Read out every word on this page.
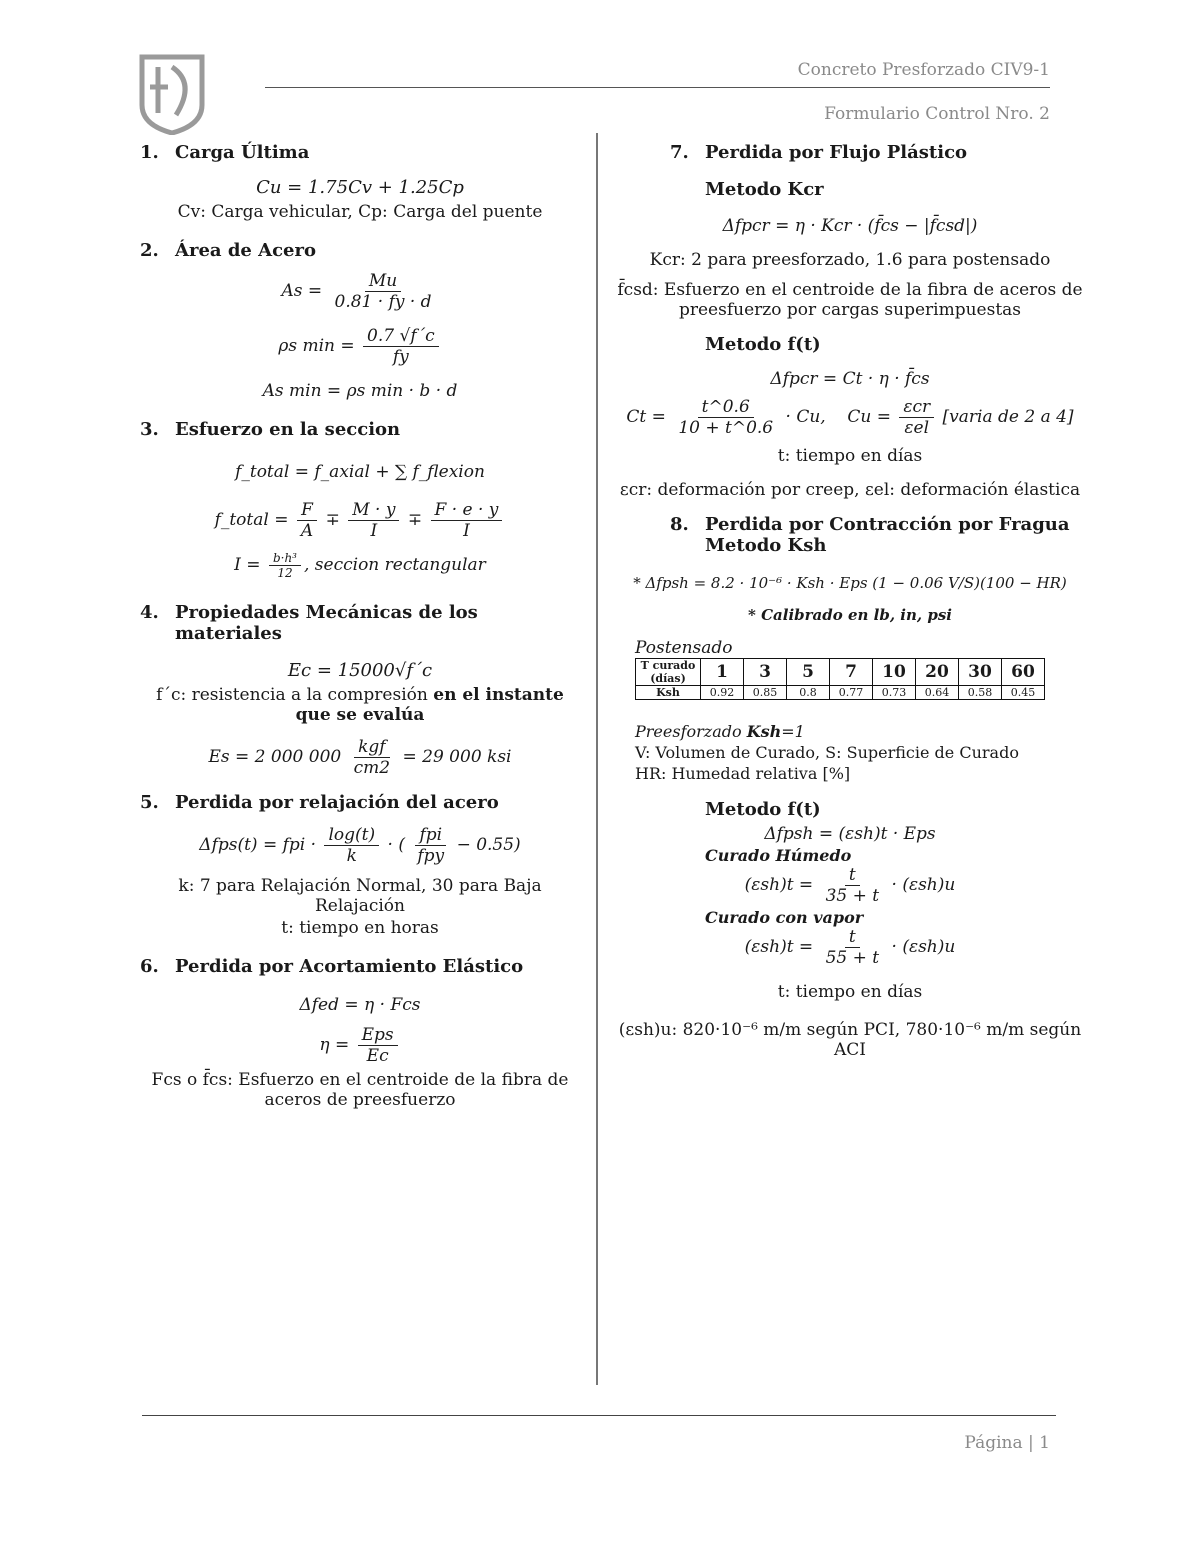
Concreto Presforzado CIV9-1
Formulario Control Nro. 2

1. Carga Última

Cu = 1.75Cv + 1.25Cp
Cv: Carga vehicular, Cp: Carga del puente

2. Área de Acero

$As = \frac{Mu}{0.81 \cdot fy \cdot d}$
ρs $\min = \frac{0.7 √f´c}{fy}$
As min = ρs min · b · d

3. Esfuerzo en la seccion

f_total = f_axial + ∑ f_flexion
f_total = $\frac{F}{A} \mp \frac{M \cdot y}{I} \mp \frac{F \cdot e \cdot y}{I}$
$I = \frac{\text{b·h³}}{12}$ , seccion rectangular

4. Propiedades Mecánicas de los materiales

Ec = 15000√f´c
f´c: resistencia a la compresión en el instante que se evalúa
Es = 2 000 $000 \frac{\text{kgf}}{cm2} = 29$ 000 ksi

5. Perdida por relajación del acero

Δfps(t) = fpi · $\frac{\log(t)}{k}$ · ( $\frac{\text{fpi}}{\text{fpy}} - 0.55$)
k: 7 para Relajación Normal, 30 para Baja Relajación
t: tiempo en horas

6. Perdida por Acortamiento Elástico

Δfed = η · Fcs
$\eta = \frac{\text{Eps}}{Ec}$
Fcs o f̄cs: Esfuerzo en el centroide de la fibra de aceros de preesfuerzo

7. Perdida por Flujo Plástico

Metodo Kcr
Δfpcr = η · Kcr · (f̄cs − |f̄csd|)
Kcr: 2 para preesforzado, 1.6 para postensado
f̄csd: Esfuerzo en el centroide de la fibra de aceros de preesfuerzo por cargas superimpuestas
Metodo f(t)
Δfpcr = Ct · η · f̄cs
$Ct = \frac{t\^{}0.6}{10 + t\^{}0.6} \cdot Cu$, $Cu = \frac{\text{εcr}}{\text{εel}}$ [varia de 2 a 4]
t: tiempo en días
εcr: deformación por creep, εel: deformación élastica

8. Perdida por Contracción por Fragua Metodo Ksh

* Δfpsh = 8.2 · 10⁻⁶ · Ksh · Eps (1 − 0.06 V/S)(100 − HR)
* Calibrado en lb, in, psi
Postensado
T curado (días)	1	3	5	7	10	20	30	60
Ksh	0.92	0.85	0.8	0.77	0.73	0.64	0.58	0.45
Preesforzado Ksh=1
V: Volumen de Curado, S: Superficie de Curado
HR: Humedad relativa [%]
Metodo f(t)
Δfpsh = (εsh)t · Eps
Curado Húmedo
$(\varepsilon sh)t = \frac{t}{35 + t} \cdot (\varepsilon sh)u$
Curado con vapor
$(\varepsilon sh)t = \frac{t}{55 + t} \cdot (\varepsilon sh)u$
t: tiempo en días
(εsh)u: 820·10⁻⁶ m/m según PCI, 780·10⁻⁶ m/m según ACI
Página | 1
